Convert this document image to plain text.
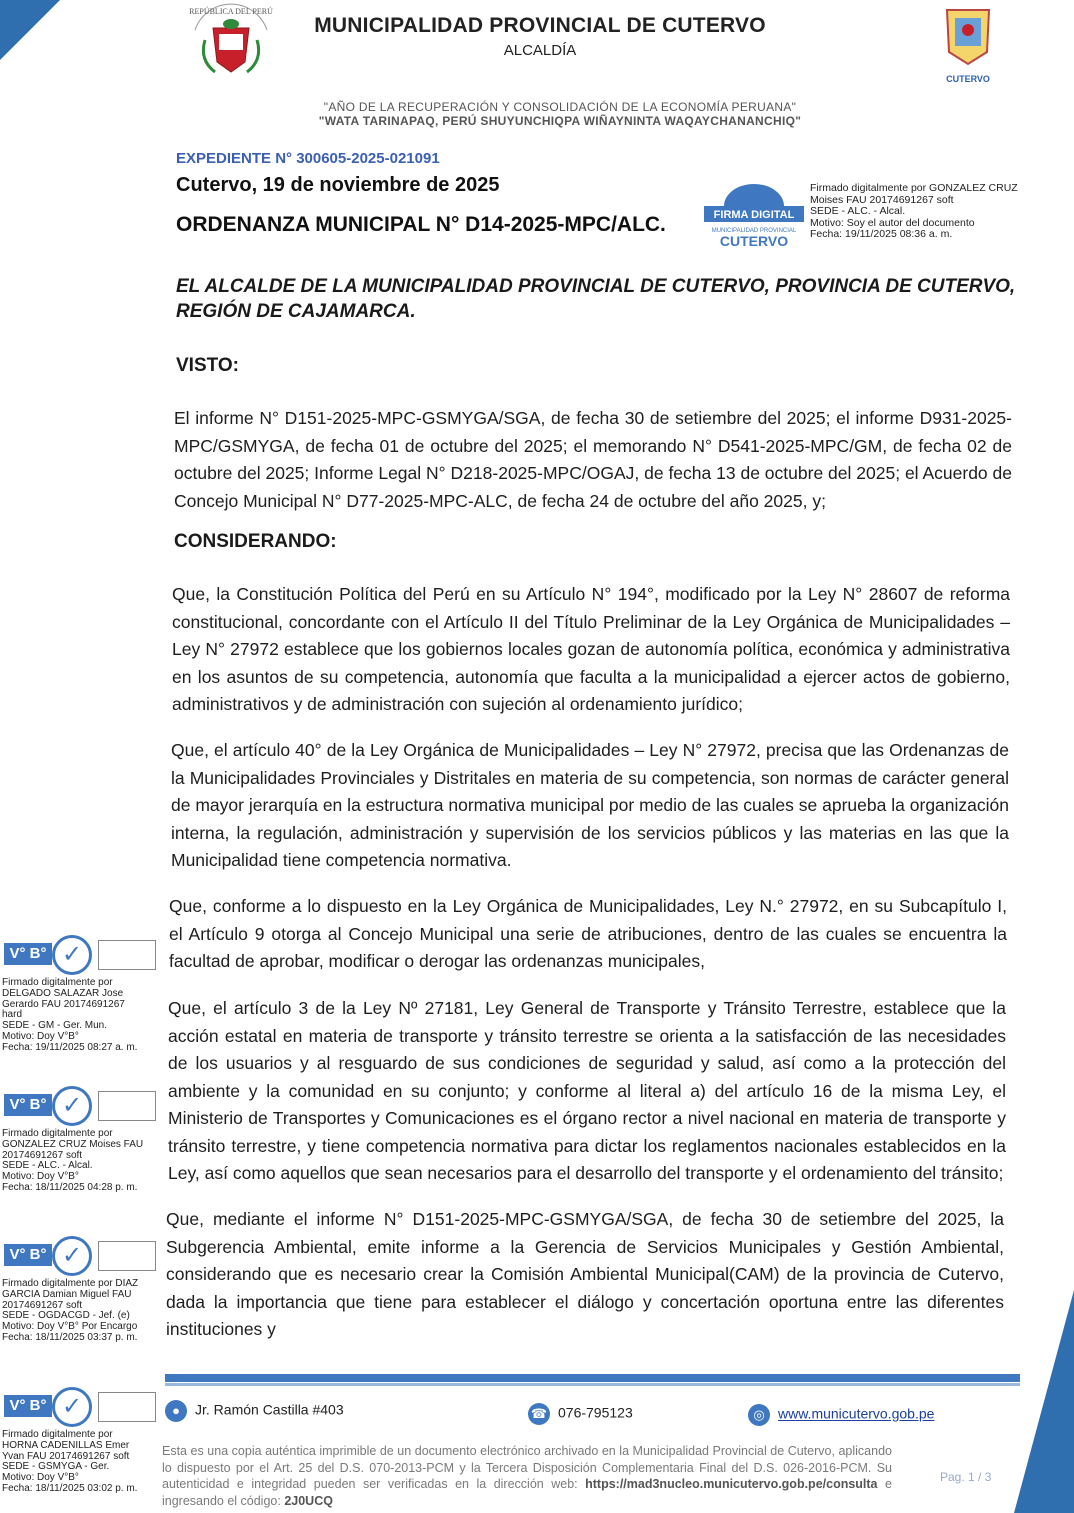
REPÚBLICA DEL PERÚ
MUNICIPALIDAD PROVINCIAL DE CUTERVO
ALCALDÍA
CUTERVO
"AÑO DE LA RECUPERACIÓN Y CONSOLIDACIÓN DE LA ECONOMÍA PERUANA"
"WATA TARINAPAQ, PERÚ SHUYUNCHIQPA WIÑAYNINTA WAQAYCHANANCHIQ"
EXPEDIENTE N° 300605-2025-021091
Cutervo, 19 de noviembre de 2025
ORDENANZA MUNICIPAL N° D14-2025-MPC/ALC.	FIRMA DIGITAL
MUNICIPALIDAD PROVINCIAL
CUTERVO
Firmado digitalmente por GONZALEZ CRUZ
Moises FAU 20174691267 soft
SEDE - ALC. - Alcal.
Motivo: Soy el autor del documento
Fecha: 19/11/2025 08:36 a. m.
EL ALCALDE DE LA MUNICIPALIDAD PROVINCIAL DE CUTERVO, PROVINCIA DE CUTERVO, REGIÓN DE CAJAMARCA.
VISTO:
El informe N° D151-2025-MPC-GSMYGA/SGA, de fecha 30 de setiembre del 2025; el informe D931-2025-MPC/GSMYGA, de fecha 01 de octubre del 2025; el memorando N° D541-2025-MPC/GM, de fecha 02 de octubre del 2025; Informe Legal N° D218-2025-MPC/OGAJ, de fecha 13 de octubre del 2025; el Acuerdo de Concejo Municipal N° D77-2025-MPC-ALC, de fecha 24 de octubre del año 2025, y;
CONSIDERANDO:
Que, la Constitución Política del Perú en su Artículo N° 194°, modificado por la Ley N° 28607 de reforma constitucional, concordante con el Artículo II del Título Preliminar de la Ley Orgánica de Municipalidades – Ley N° 27972 establece que los gobiernos locales gozan de autonomía política, económica y administrativa en los asuntos de su competencia, autonomía que faculta a la municipalidad a ejercer actos de gobierno, administrativos y de administración con sujeción al ordenamiento jurídico;
Que, el artículo 40° de la Ley Orgánica de Municipalidades – Ley N° 27972, precisa que las Ordenanzas de la Municipalidades Provinciales y Distritales en materia de su competencia, son normas de carácter general de mayor jerarquía en la estructura normativa municipal por medio de las cuales se aprueba la organización interna, la regulación, administración y supervisión de los servicios públicos y las materias en las que la Municipalidad tiene competencia normativa.
Que, conforme a lo dispuesto en la Ley Orgánica de Municipalidades, Ley N.° 27972, en su Subcapítulo I, el Artículo 9 otorga al Concejo Municipal una serie de atribuciones, dentro de las cuales se encuentra la facultad de aprobar, modificar o derogar las ordenanzas municipales,
Que, el artículo 3 de la Ley Nº 27181, Ley General de Transporte y Tránsito Terrestre, establece que la acción estatal en materia de transporte y tránsito terrestre se orienta a la satisfacción de las necesidades de los usuarios y al resguardo de sus condiciones de seguridad y salud, así como a la protección del ambiente y la comunidad en su conjunto; y conforme al literal a) del artículo 16 de la misma Ley, el Ministerio de Transportes y Comunicaciones es el órgano rector a nivel nacional en materia de transporte y tránsito terrestre, y tiene competencia normativa para dictar los reglamentos nacionales establecidos en la Ley, así como aquellos que sean necesarios para el desarrollo del transporte y el ordenamiento del tránsito;
Que, mediante el informe N° D151-2025-MPC-GSMYGA/SGA, de fecha 30 de setiembre del 2025, la Subgerencia Ambiental, emite informe a la Gerencia de Servicios Municipales y Gestión Ambiental, considerando que es necesario crear la Comisión Ambiental Municipal(CAM) de la provincia de Cutervo, dada la importancia que tiene para establecer el diálogo y concertación oportuna entre las diferentes instituciones y
V° B° ✓
Firmado digitalmente por
DELGADO SALAZAR Jose
Gerardo FAU 20174691267
hard
SEDE - GM - Ger. Mun.
Motivo: Doy V°B°
Fecha: 19/11/2025 08:27 a. m.
V° B° ✓
Firmado digitalmente por
GONZALEZ CRUZ Moises FAU
20174691267 soft
SEDE - ALC. - Alcal.
Motivo: Doy V°B°
Fecha: 18/11/2025 04:28 p. m.
V° B° ✓
Firmado digitalmente por DIAZ
GARCIA Damian Miguel FAU
20174691267 soft
SEDE - OGDACGD - Jef. (e)
Motivo: Doy V°B° Por Encargo
Fecha: 18/11/2025 03:37 p. m.
V° B° ✓
Firmado digitalmente por
HORNA CADENILLAS Emer
Yvan FAU 20174691267 soft
SEDE - GSMYGA - Ger.
Motivo: Doy V°B°
Fecha: 18/11/2025 03:02 p. m.
● Jr. Ramón Castilla #403	☎ 076-795123	◎ www.municutervo.gob.pe
Esta es una copia auténtica imprimible de un documento electrónico archivado en la Municipalidad Provincial de Cutervo, aplicando lo dispuesto por el Art. 25 del D.S. 070-2013-PCM y la Tercera Disposición Complementaria Final del D.S. 026-2016-PCM. Su autenticidad e integridad pueden ser verificadas en la dirección web: https://mad3nucleo.municutervo.gob.pe/consulta e ingresando el código: 2J0UCQ
Pag. 1 / 3
